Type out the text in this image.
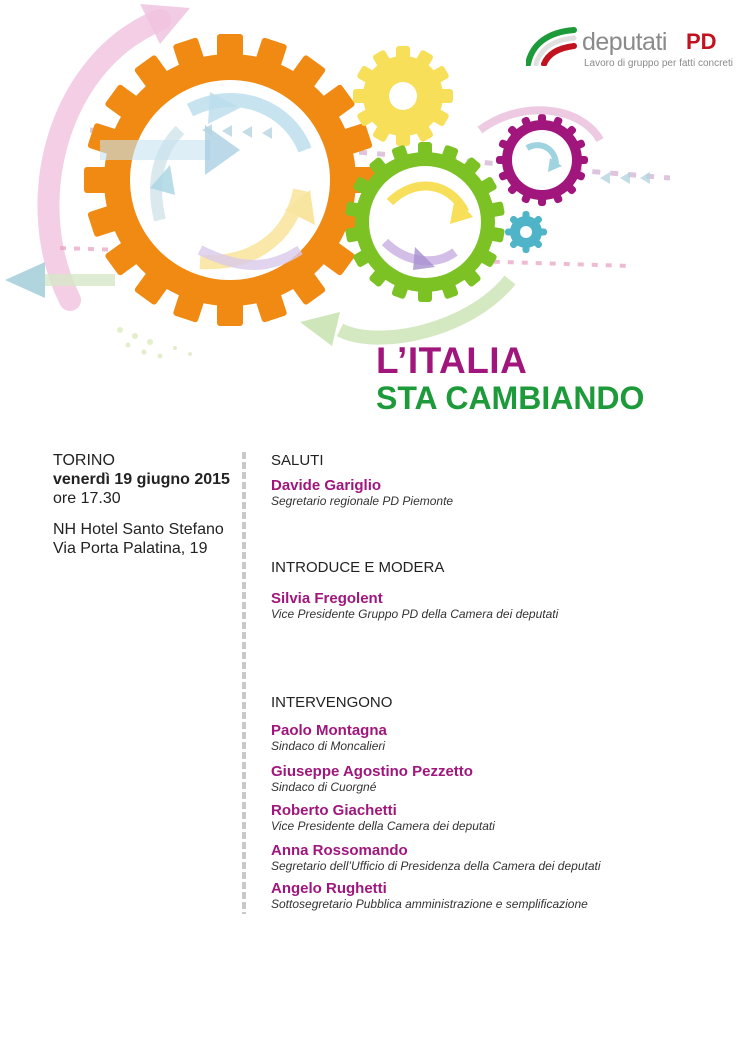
deputati PD
Lavoro di gruppo per fatti concreti
L’ITALIA
STA CAMBIANDO
TORINO
venerdì 19 giugno 2015
ore 17.30
NH Hotel Santo Stefano
Via Porta Palatina, 19
SALUTI
Davide Gariglio
Segretario regionale PD Piemonte
INTRODUCE E MODERA
Silvia Fregolent
Vice Presidente Gruppo PD della Camera dei deputati
INTERVENGONO
Paolo Montagna
Sindaco di Moncalieri
Giuseppe Agostino Pezzetto
Sindaco di Cuorgné
Roberto Giachetti
Vice Presidente della Camera dei deputati
Anna Rossomando
Segretario dell’Ufficio di Presidenza della Camera dei deputati
Angelo Rughetti
Sottosegretario Pubblica amministrazione e semplificazione
